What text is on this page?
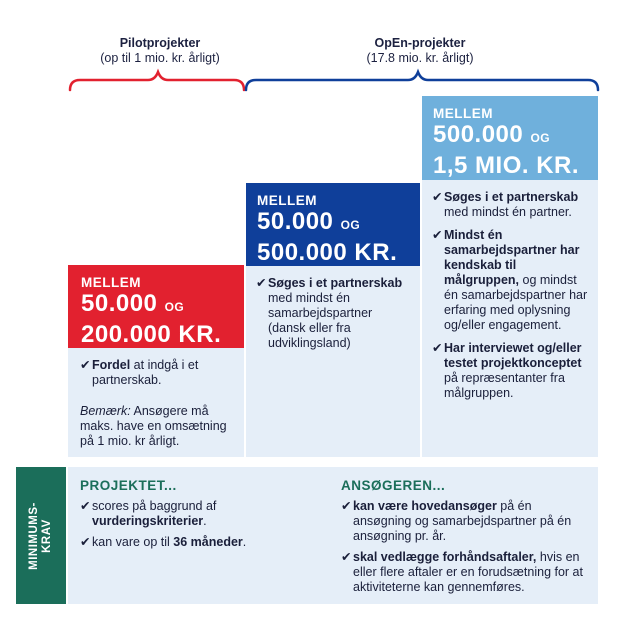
Pilotprojekter
(op til 1 mio. kr. årligt)
OpEn-projekter
(17.8 mio. kr. årligt)
MELLEM
50.000 OG
200.000 KR.
MELLEM
50.000 OG
500.000 KR.
MELLEM
500.000 OG
1,5 MIO. KR.
✔ Fordel at indgå i et partnerskab.
Bemærk: Ansøgere må maks. have en omsætning på 1 mio. kr årligt.
✔ Søges i et partnerskab med mindst én samarbejdspartner (dansk eller fra udviklingsland)
✔ Søges i et partnerskab med mindst én partner.
✔ Mindst én samarbejdspartner har kendskab til målgruppen, og mindst én samarbejdspartner har erfaring med oplysning og/eller engagement.
✔ Har interviewet og/eller testet projektkonceptet på repræsentanter fra målgruppen.
MINIMUMS-
KRAV
PROJEKTET...
✔ scores på baggrund af vurderingskriterier.
✔ kan vare op til 36 måneder.
ANSØGEREN...
✔ kan være hovedansøger på én ansøgning og samarbejdspartner på én ansøgning pr. år.
✔ skal vedlægge forhåndsaftaler, hvis en eller flere aftaler er en forudsætning for at aktiviteterne kan gennemføres.
